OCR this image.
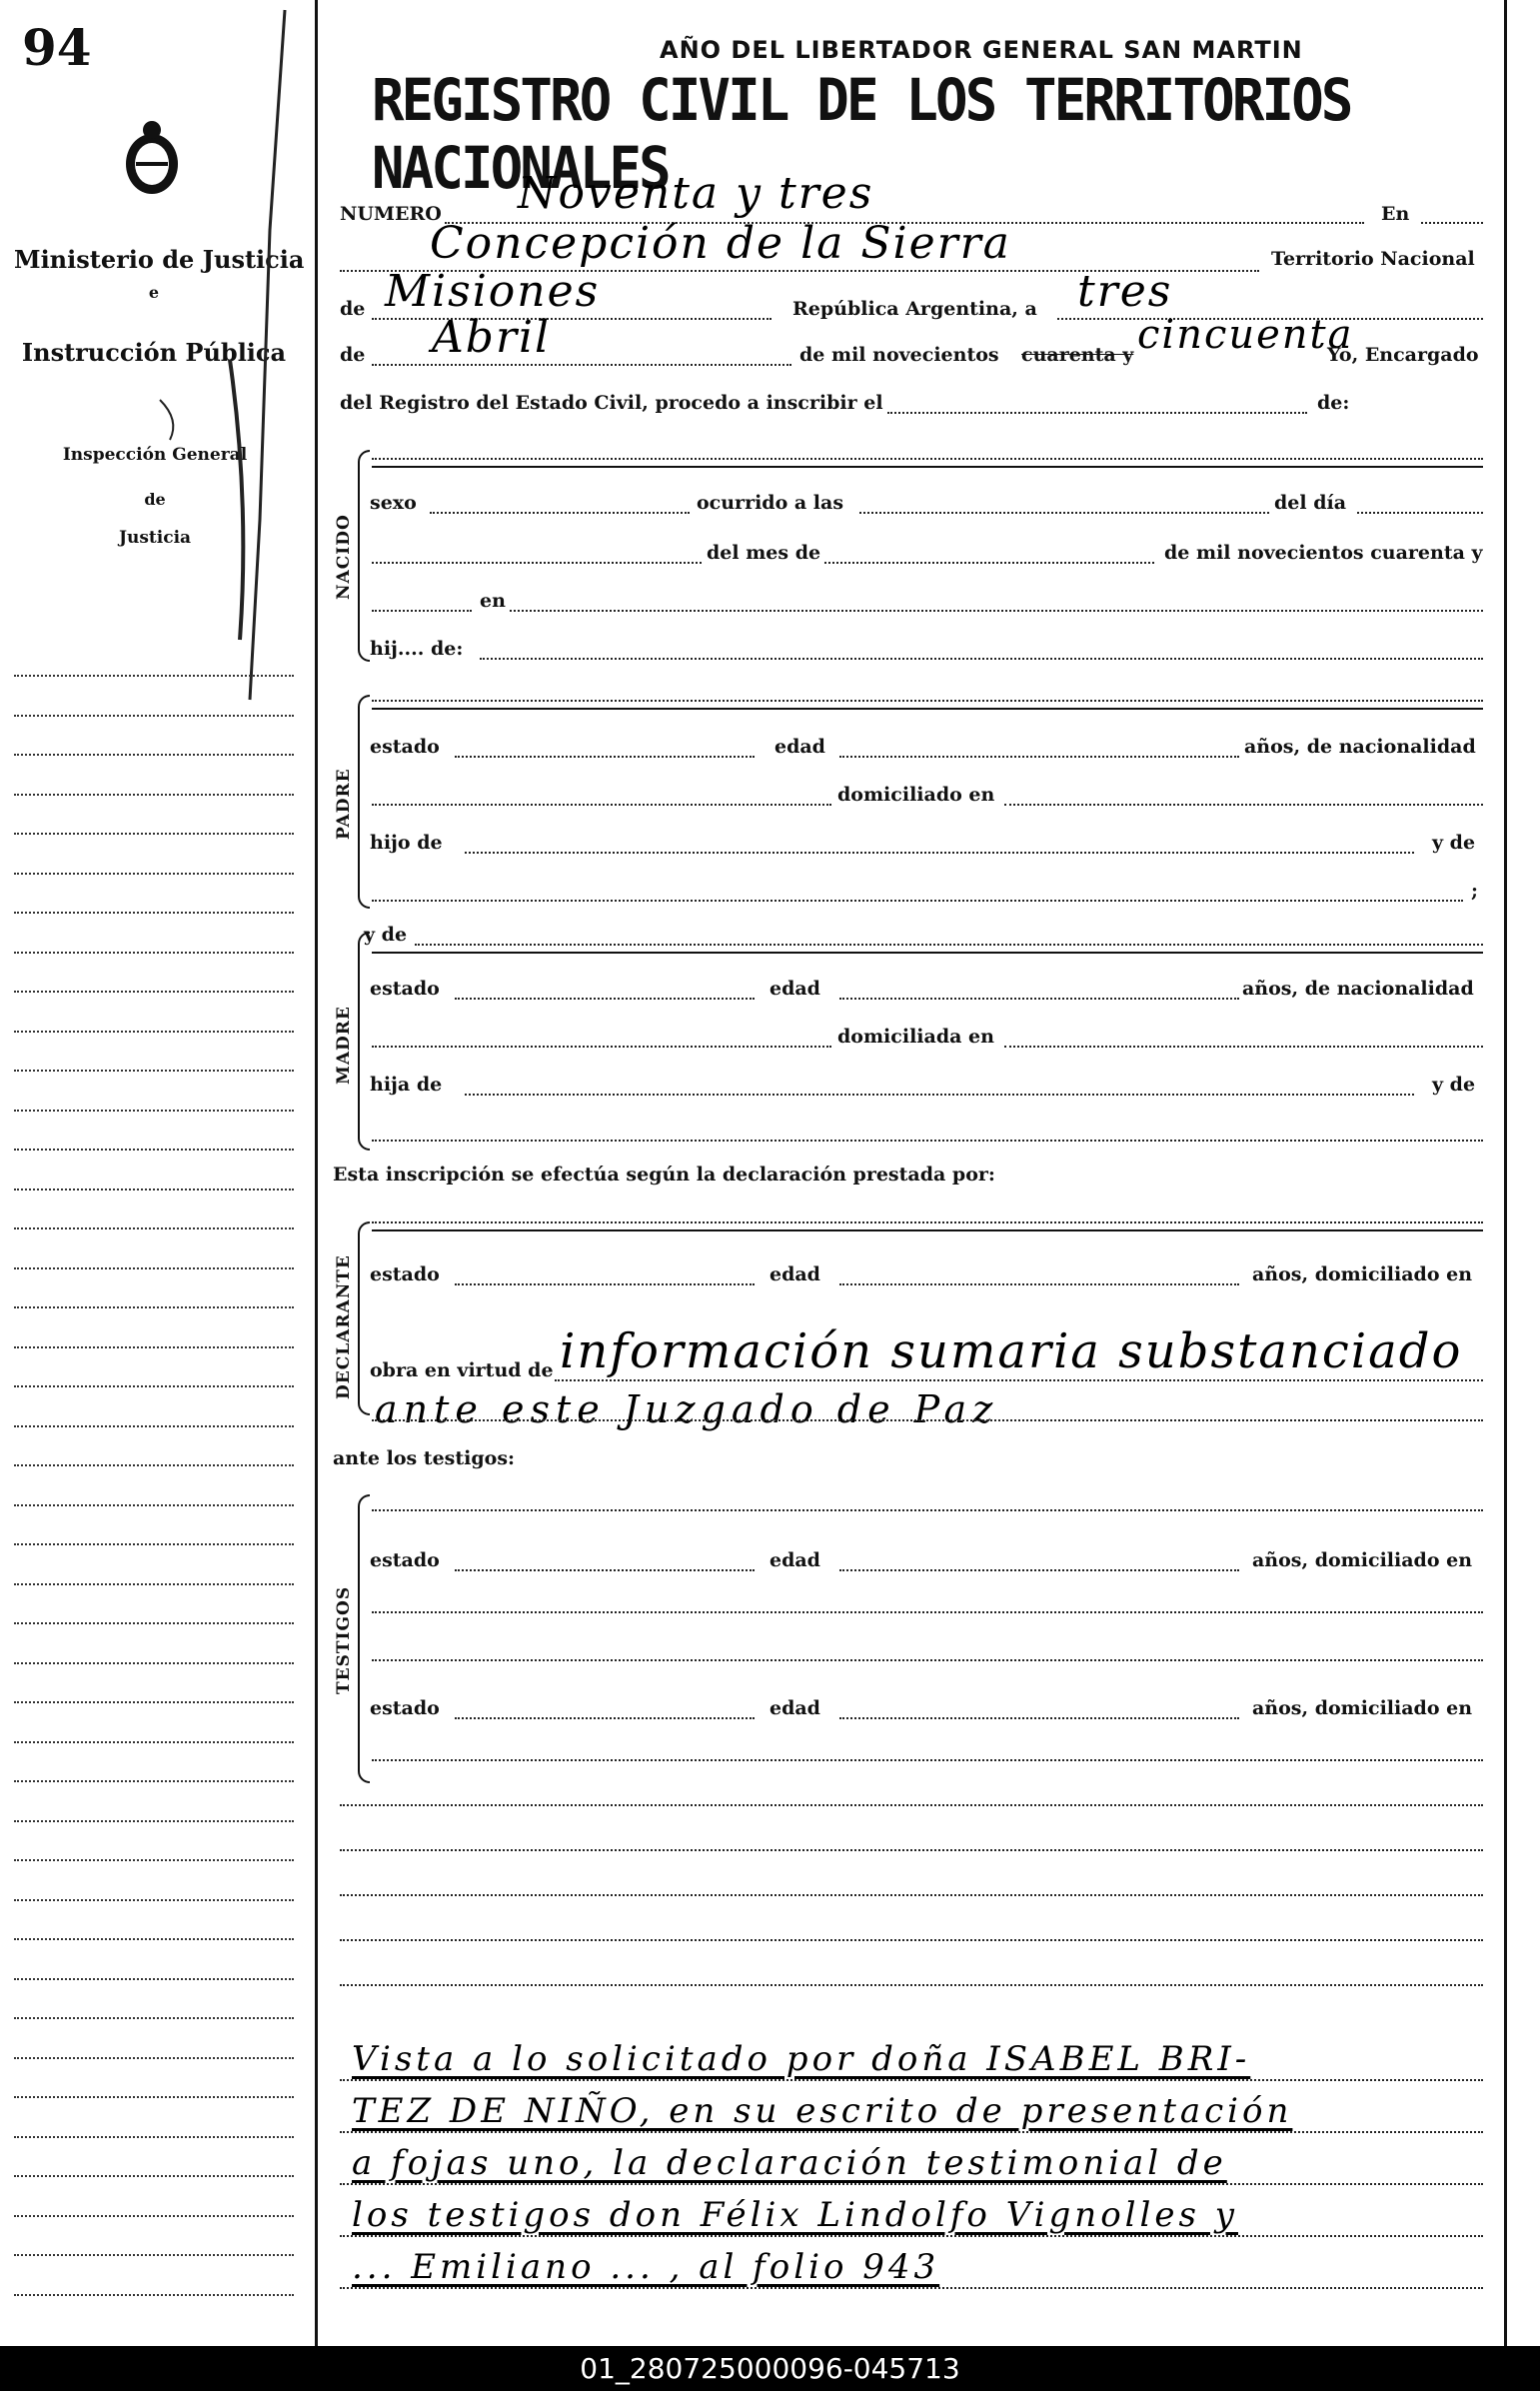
94
Ministerio de Justicia
e
Instrucción Pública
Inspección General
de
Justicia
AÑO DEL LIBERTADOR GENERAL SAN MARTIN
REGISTRO CIVIL DE LOS TERRITORIOS NACIONALES
NUMERO Noventa y tres	En
Concepción de la Sierra	Territorio Nacional
de Misiones	República Argentina, a tres
de Abril	de mil novecientos cuarenta y cincuenta
Yo, Encargado
del Registro del Estado Civil, procedo a inscribir el	de:
NACIDO
sexo	ocurrido a las	del día
del mes de	de mil novecientos cuarenta y
en
hij.... de:
PADRE
estado	edad	años, de nacionalidad
domiciliado en
hijo de	y de
;
MADRE
y de
estado	edad	años, de nacionalidad
domiciliada en
hija de	y de
Esta inscripción se efectúa según la declaración prestada por:
DECLARANTE estado	edad	años, domiciliado en
obra en virtud de información sumaria substanciado
ante este Juzgado de Paz
ante los testigos:
TESTIGOS
estado	edad	años, domiciliado en
estado	edad	años, domiciliado en
Vista a lo solicitado por doña ISABEL BRI-
TEZ DE NIÑO, en su escrito de presentación
a fojas uno, la declaración testimonial de
los testigos don Félix Lindolfo Vignolles y
... Emiliano ... , al folio 943
01_280725000096-045713
